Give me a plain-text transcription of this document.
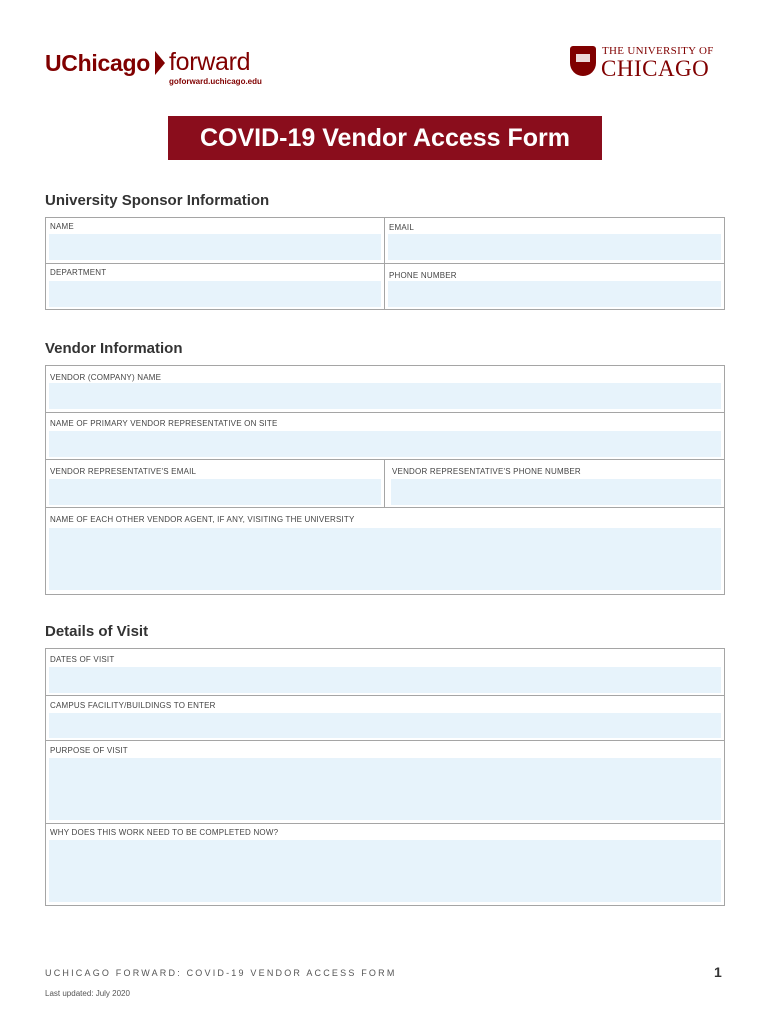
UChicago forward
goforward.uchicago.edu
THE UNIVERSITY OF
CHICAGO
COVID-19 Vendor Access Form
University Sponsor Information
NAME	EMAIL
DEPARTMENT	PHONE NUMBER
Vendor Information
VENDOR (COMPANY) NAME
NAME OF PRIMARY VENDOR REPRESENTATIVE ON SITE
VENDOR REPRESENTATIVE'S EMAIL	VENDOR REPRESENTATIVE'S PHONE NUMBER
NAME OF EACH OTHER VENDOR AGENT, IF ANY, VISITING THE UNIVERSITY
Details of Visit
DATES OF VISIT
CAMPUS FACILITY/BUILDINGS TO ENTER
PURPOSE OF VISIT
WHY DOES THIS WORK NEED TO BE COMPLETED NOW?
UCHICAGO FORWARD: COVID-19 VENDOR ACCESS FORM
Last updated: July 2020
1
